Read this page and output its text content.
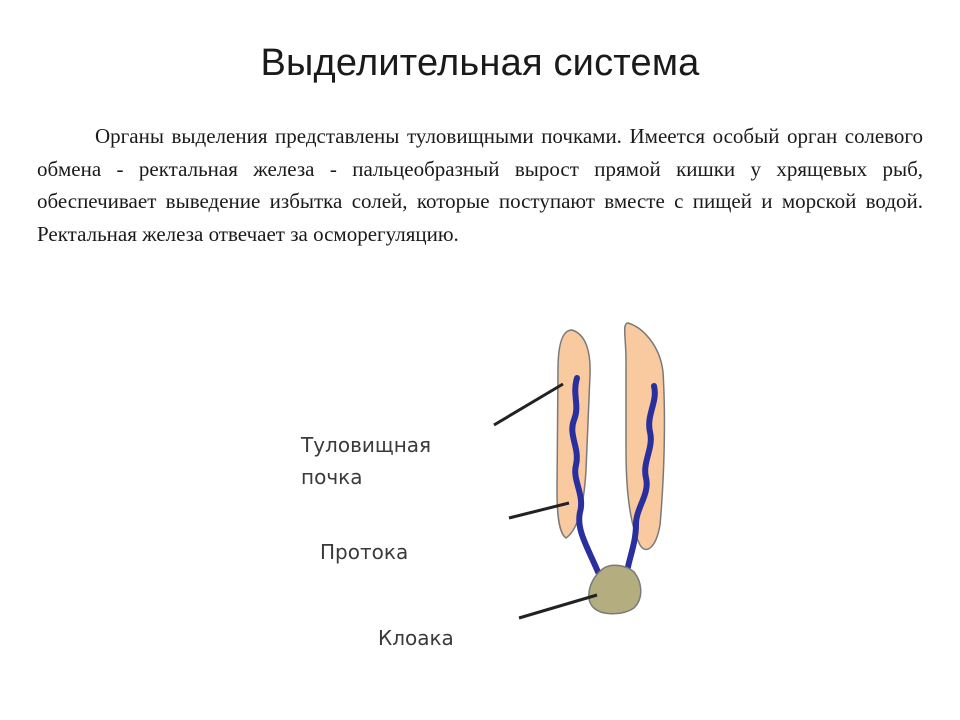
Выделительная система

Органы выделения представлены туловищными почками. Имеется особый орган солевого обмена - ректальная железа - пальцеобразный вырост прямой кишки у хрящевых рыб, обеспечивает выведение избытка солей, которые поступают вместе с пищей и морской водой. Ректальная железа отвечает за осморегуляцию.

Туловищная
почка
Протока
Клоака
